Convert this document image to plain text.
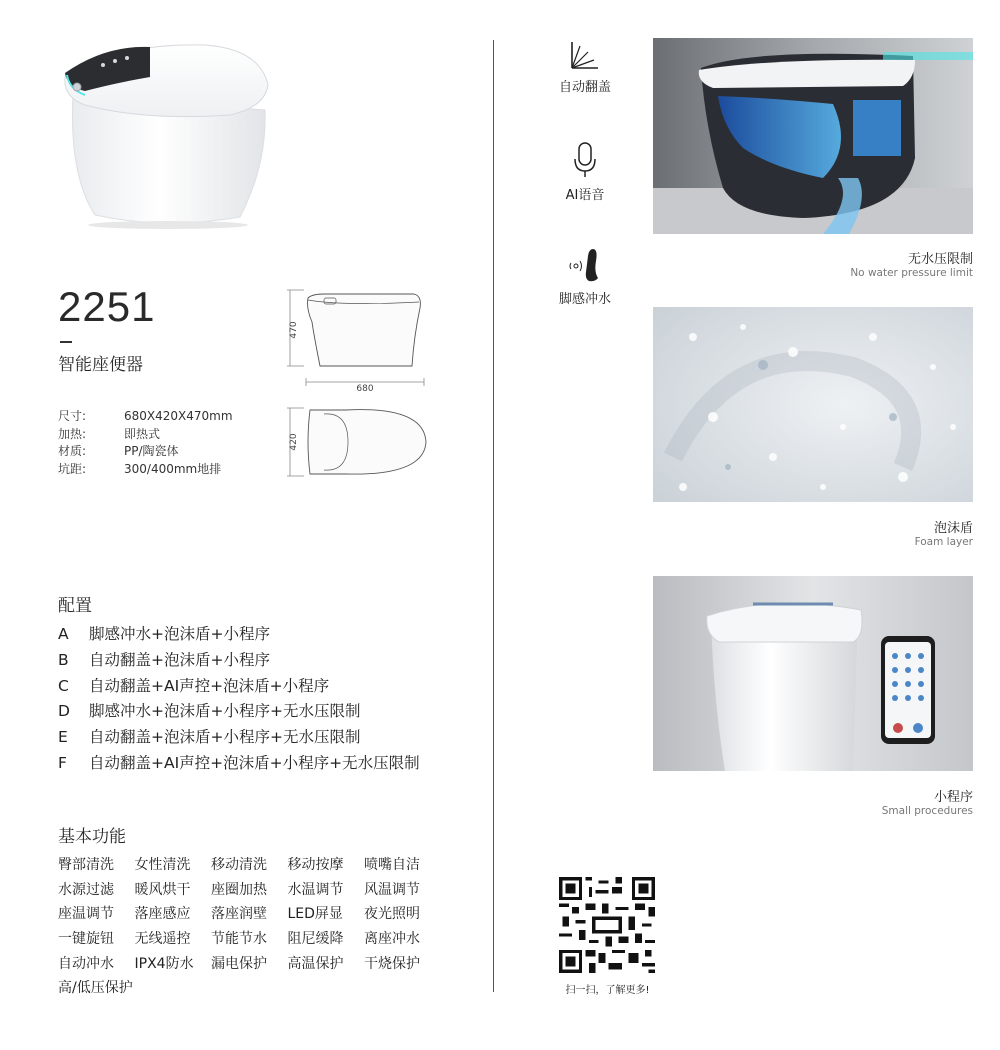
2251
智能座便器
尺寸:	680X420X470mm
加热:	即热式
材质:	PP/陶瓷体
坑距:	300/400mm地排
470
680
420
配置
A	脚感冲水+泡沫盾+小程序
B	自动翻盖+泡沫盾+小程序
C	自动翻盖+AI声控+泡沫盾+小程序
D	脚感冲水+泡沫盾+小程序+无水压限制
E	自动翻盖+泡沫盾+小程序+无水压限制
F	自动翻盖+AI声控+泡沫盾+小程序+无水压限制
基本功能
臀部清洗	女性清洗	移动清洗	移动按摩	喷嘴自洁
水源过滤	暖风烘干	座圈加热	水温调节	风温调节
座温调节	落座感应	落座润壁	LED屏显	夜光照明
一键旋钮	无线遥控	节能节水	阻尼缓降	离座冲水
自动冲水	IPX4防水	漏电保护	高温保护	干烧保护
高/低压保护
自动翻盖
AI语音
脚感冲水
无水压限制
No water pressure limit
泡沫盾
Foam layer
小程序
Small procedures
扫一扫，了解更多!
